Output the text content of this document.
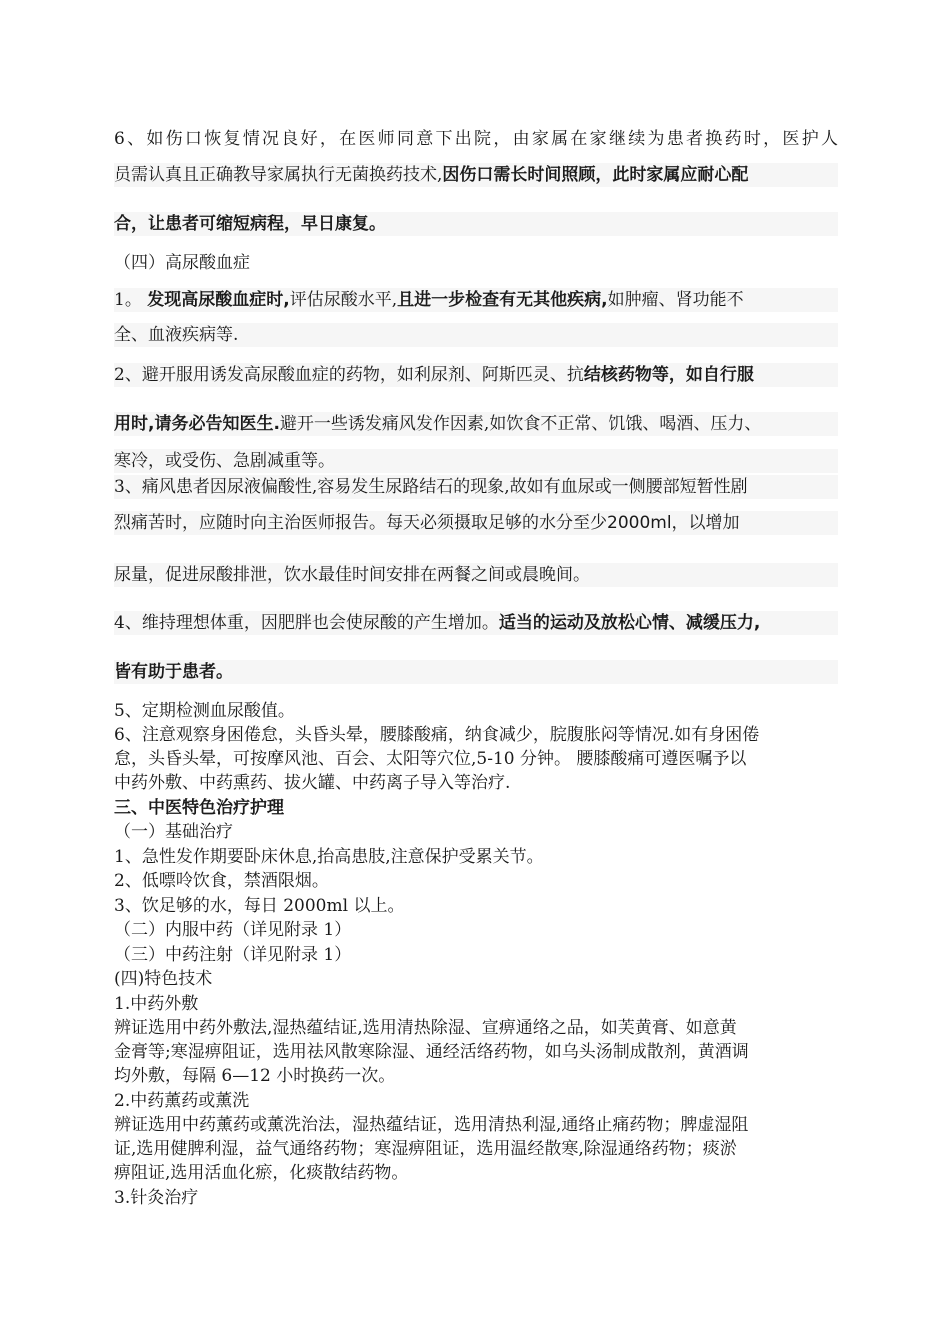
6、如伤口恢复情况良好，在医师同意下出院，由家属在家继续为患者换药时，医护人
员需认真且正确教导家属执行无菌换药技术,因伤口需长时间照顾，此时家属应耐心配
合，让患者可缩短病程，早日康复。
（四）高尿酸血症
1。 发现高尿酸血症时,评估尿酸水平,且进一步检查有无其他疾病,如肿瘤、肾功能不
全、血液疾病等.
2、避开服用诱发高尿酸血症的药物，如利尿剂、阿斯匹灵、抗结核药物等，如自行服
用时,请务必告知医生.避开一些诱发痛风发作因素,如饮食不正常、饥饿、喝酒、压力、
寒冷，或受伤、急剧减重等。
3、痛风患者因尿液偏酸性,容易发生尿路结石的现象,故如有血尿或一侧腰部短暂性剧
烈痛苦时，应随时向主治医师报告。每天必须摄取足够的水分至少2000ml，以增加
尿量，促进尿酸排泄，饮水最佳时间安排在两餐之间或晨晚间。
4、维持理想体重，因肥胖也会使尿酸的产生增加。适当的运动及放松心情、减缓压力,
皆有助于患者。
5、定期检测血尿酸值。
6、注意观察身困倦怠，头昏头晕，腰膝酸痛，纳食减少，脘腹胀闷等情况.如有身困倦
怠，头昏头晕，可按摩风池、百会、太阳等穴位,5-10 分钟。 腰膝酸痛可遵医嘱予以
中药外敷、中药熏药、拔火罐、中药离子导入等治疗.
三、中医特色治疗护理
（一）基础治疗
1、急性发作期要卧床休息,抬高患肢,注意保护受累关节。
2、低嘌呤饮食，禁酒限烟。
3、饮足够的水，每日 2000ml 以上。
（二）内服中药（详见附录 1）
（三）中药注射（详见附录 1）
(四)特色技术
1.中药外敷
辨证选用中药外敷法,湿热蕴结证,选用清热除湿、宣痹通络之品，如芙黄膏、如意黄
金膏等;寒湿痹阻证，选用祛风散寒除湿、通经活络药物，如乌头汤制成散剂，黄酒调
均外敷，每隔 6—12 小时换药一次。
2.中药薰药或薰洗
辨证选用中药薰药或薰洗治法，湿热蕴结证，选用清热利湿,通络止痛药物；脾虚湿阻
证,选用健脾利湿，益气通络药物；寒湿痹阻证，选用温经散寒,除湿通络药物；痰淤
痹阻证,选用活血化瘀，化痰散结药物。
3.针灸治疗
